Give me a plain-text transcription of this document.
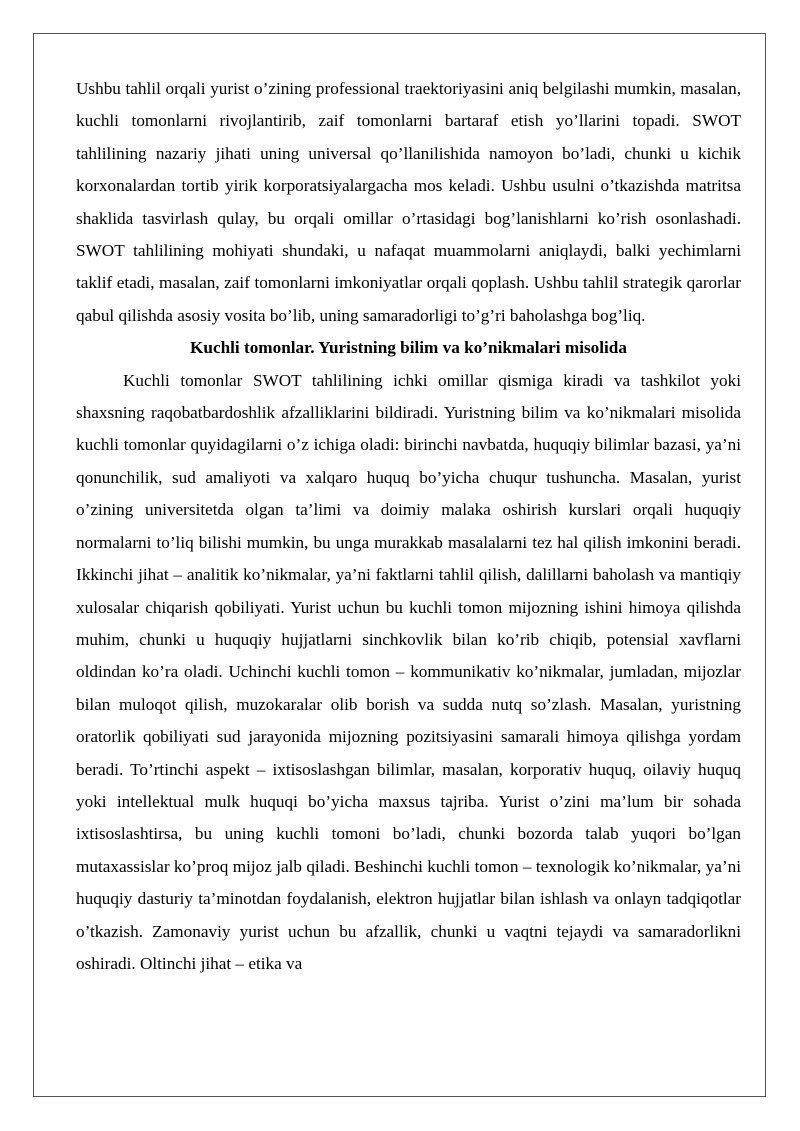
Ushbu tahlil orqali yurist o’zining professional traektoriyasini aniq belgilashi mumkin, masalan, kuchli tomonlarni rivojlantirib, zaif tomonlarni bartaraf etish yo’llarini topadi. SWOT tahlilining nazariy jihati uning universal qo’llanilishida namoyon bo’ladi, chunki u kichik korxonalardan tortib yirik korporatsiyalargacha mos keladi. Ushbu usulni o’tkazishda matritsa shaklida tasvirlash qulay, bu orqali omillar o’rtasidagi bog’lanishlarni ko’rish osonlashadi. SWOT tahlilining mohiyati shundaki, u nafaqat muammolarni aniqlaydi, balki yechimlarni taklif etadi, masalan, zaif tomonlarni imkoniyatlar orqali qoplash. Ushbu tahlil strategik qarorlar qabul qilishda asosiy vosita bo’lib, uning samaradorligi to’g’ri baholashga bog’liq.

Kuchli tomonlar. Yuristning bilim va ko’nikmalari misolida

Kuchli tomonlar SWOT tahlilining ichki omillar qismiga kiradi va tashkilot yoki shaxsning raqobatbardoshlik afzalliklarini bildiradi. Yuristning bilim va ko’nikmalari misolida kuchli tomonlar quyidagilarni o’z ichiga oladi: birinchi navbatda, huquqiy bilimlar bazasi, ya’ni qonunchilik, sud amaliyoti va xalqaro huquq bo’yicha chuqur tushuncha. Masalan, yurist o’zining universitetda olgan ta’limi va doimiy malaka oshirish kurslari orqali huquqiy normalarni to’liq bilishi mumkin, bu unga murakkab masalalarni tez hal qilish imkonini beradi. Ikkinchi jihat – analitik ko’nikmalar, ya’ni faktlarni tahlil qilish, dalillarni baholash va mantiqiy xulosalar chiqarish qobiliyati. Yurist uchun bu kuchli tomon mijozning ishini himoya qilishda muhim, chunki u huquqiy hujjatlarni sinchkovlik bilan ko’rib chiqib, potensial xavflarni oldindan ko’ra oladi. Uchinchi kuchli tomon – kommunikativ ko’nikmalar, jumladan, mijozlar bilan muloqot qilish, muzokaralar olib borish va sudda nutq so’zlash. Masalan, yuristning oratorlik qobiliyati sud jarayonida mijozning pozitsiyasini samarali himoya qilishga yordam beradi. To’rtinchi aspekt – ixtisoslashgan bilimlar, masalan, korporativ huquq, oilaviy huquq yoki intellektual mulk huquqi bo’yicha maxsus tajriba. Yurist o’zini ma’lum bir sohada ixtisoslashtirsa, bu uning kuchli tomoni bo’ladi, chunki bozorda talab yuqori bo’lgan mutaxassislar ko’proq mijoz jalb qiladi. Beshinchi kuchli tomon – texnologik ko’nikmalar, ya’ni huquqiy dasturiy ta’minotdan foydalanish, elektron hujjatlar bilan ishlash va onlayn tadqiqotlar o’tkazish. Zamonaviy yurist uchun bu afzallik, chunki u vaqtni tejaydi va samaradorlikni oshiradi. Oltinchi jihat – etika va
